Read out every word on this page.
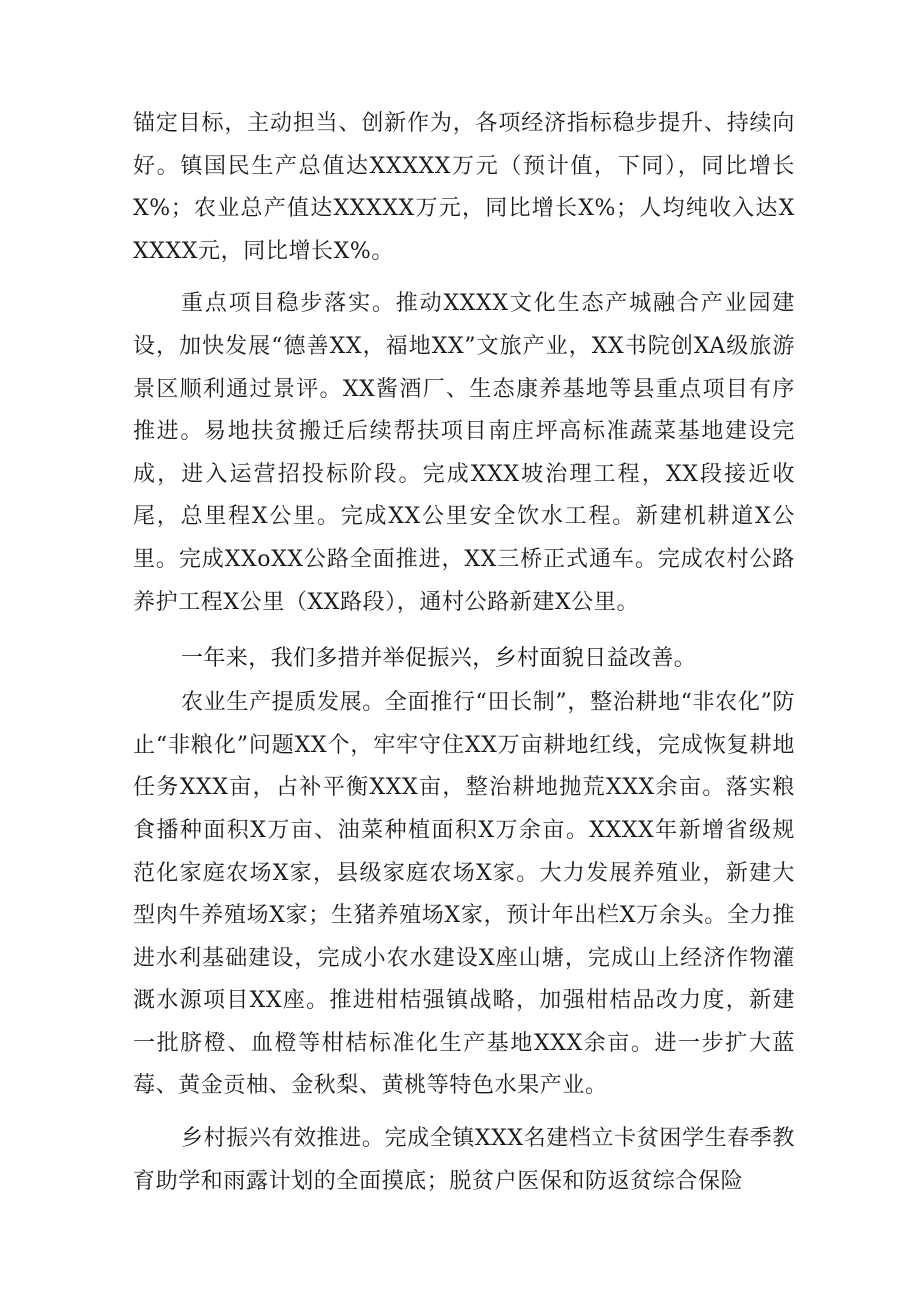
锚定目标，主动担当、创新作为，各项经济指标稳步提升、持续向好。镇国民生产总值达XXXXX万元（预计值，下同），同比增长X%；农业总产值达XXXXX万元，同比增长X%；人均纯收入达XXXXX元，同比增长X%。

重点项目稳步落实。推动XXXX文化生态产城融合产业园建设，加快发展“德善XX，福地XX”文旅产业，XX书院创XA级旅游景区顺利通过景评。XX酱酒厂、生态康养基地等县重点项目有序推进。易地扶贫搬迁后续帮扶项目南庄坪高标准蔬菜基地建设完成，进入运营招投标阶段。完成XXX坡治理工程，XX段接近收尾，总里程X公里。完成XX公里安全饮水工程。新建机耕道X公里。完成XXoXX公路全面推进，XX三桥正式通车。完成农村公路养护工程X公里（XX路段），通村公路新建X公里。

一年来，我们多措并举促振兴，乡村面貌日益改善。

农业生产提质发展。全面推行“田长制”，整治耕地“非农化”防止“非粮化”问题XX个，牢牢守住XX万亩耕地红线，完成恢复耕地任务XXX亩，占补平衡XXX亩，整治耕地抛荒XXX余亩。落实粮食播种面积X万亩、油菜种植面积X万余亩。XXXX年新增省级规范化家庭农场X家，县级家庭农场X家。大力发展养殖业，新建大型肉牛养殖场X家；生猪养殖场X家，预计年出栏X万余头。全力推进水利基础建设，完成小农水建设X座山塘，完成山上经济作物灌溉水源项目XX座。推进柑桔强镇战略，加强柑桔品改力度，新建一批脐橙、血橙等柑桔标准化生产基地XXX余亩。进一步扩大蓝莓、黄金贡柚、金秋梨、黄桃等特色水果产业。

乡村振兴有效推进。完成全镇XXX名建档立卡贫困学生春季教育助学和雨露计划的全面摸底；脱贫户医保和防返贫综合保险
